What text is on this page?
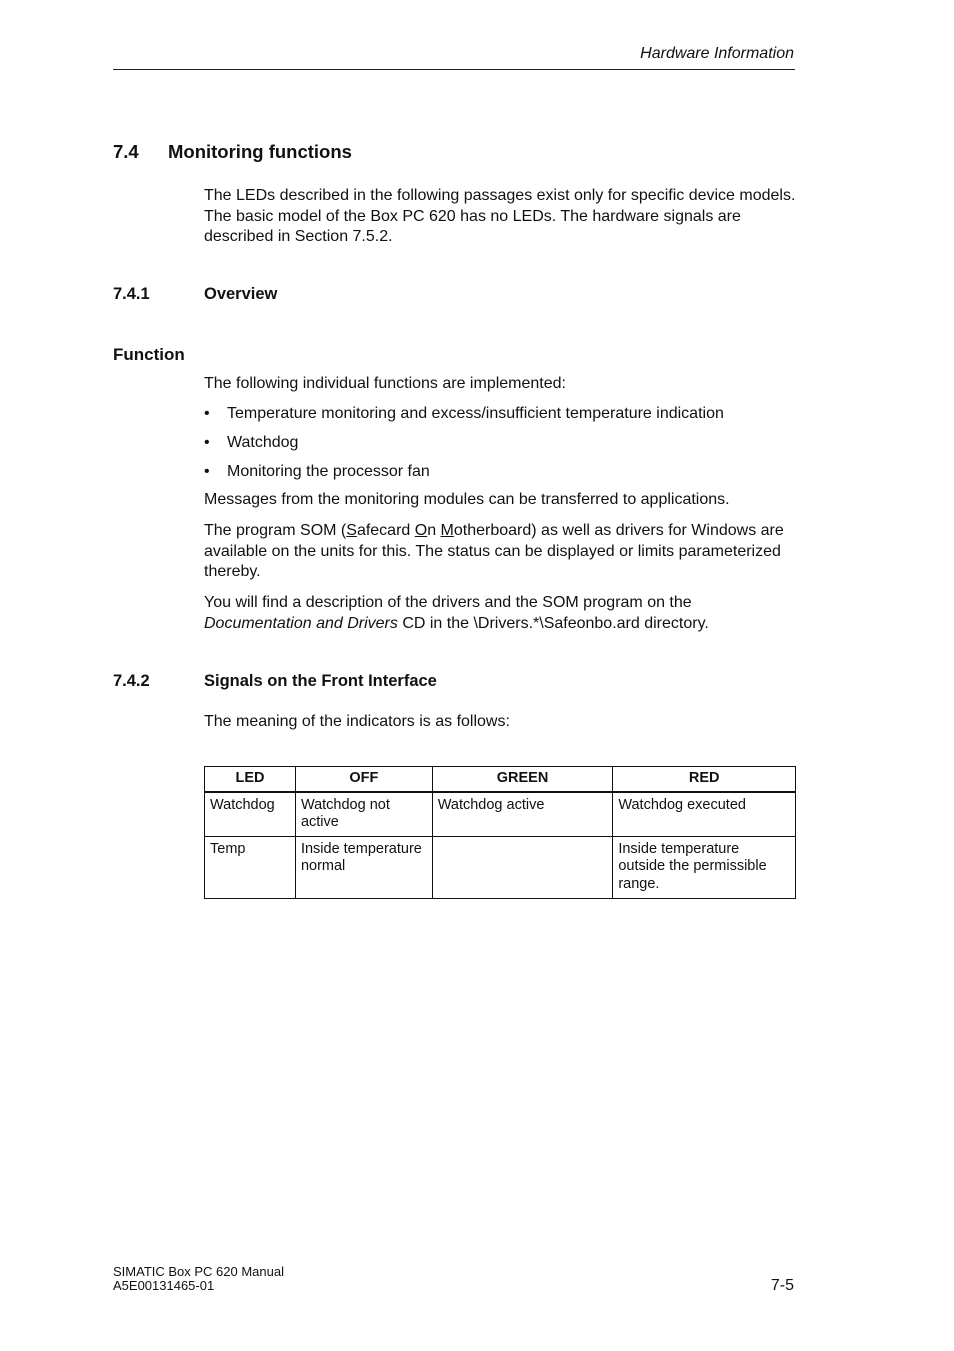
Hardware Information
7.4 Monitoring functions
The LEDs described in the following passages exist only for specific device models. The basic model of the Box PC 620 has no LEDs. The hardware signals are described in Section 7.5.2.
7.4.1	Overview
Function
The following individual functions are implemented:
• Temperature monitoring and excess/insufficient temperature indication
• Watchdog
• Monitoring the processor fan
Messages from the monitoring modules can be transferred to applications.
The program SOM (Safecard On Motherboard) as well as drivers for Windows are available on the units for this. The status can be displayed or limits parameterized thereby.
You will find a description of the drivers and the SOM program on the
Documentation and Drivers CD in the \Drivers.*\Safeonbo.ard directory.
7.4.2	Signals on the Front Interface
The meaning of the indicators is as follows:
LED	OFF	GREEN	RED
Watchdog	Watchdog not active	Watchdog active	Watchdog executed
Temp	Inside temperature normal		Inside temperature outside the permissible range.
SIMATIC Box PC 620 Manual
A5E00131465-01	7-5
